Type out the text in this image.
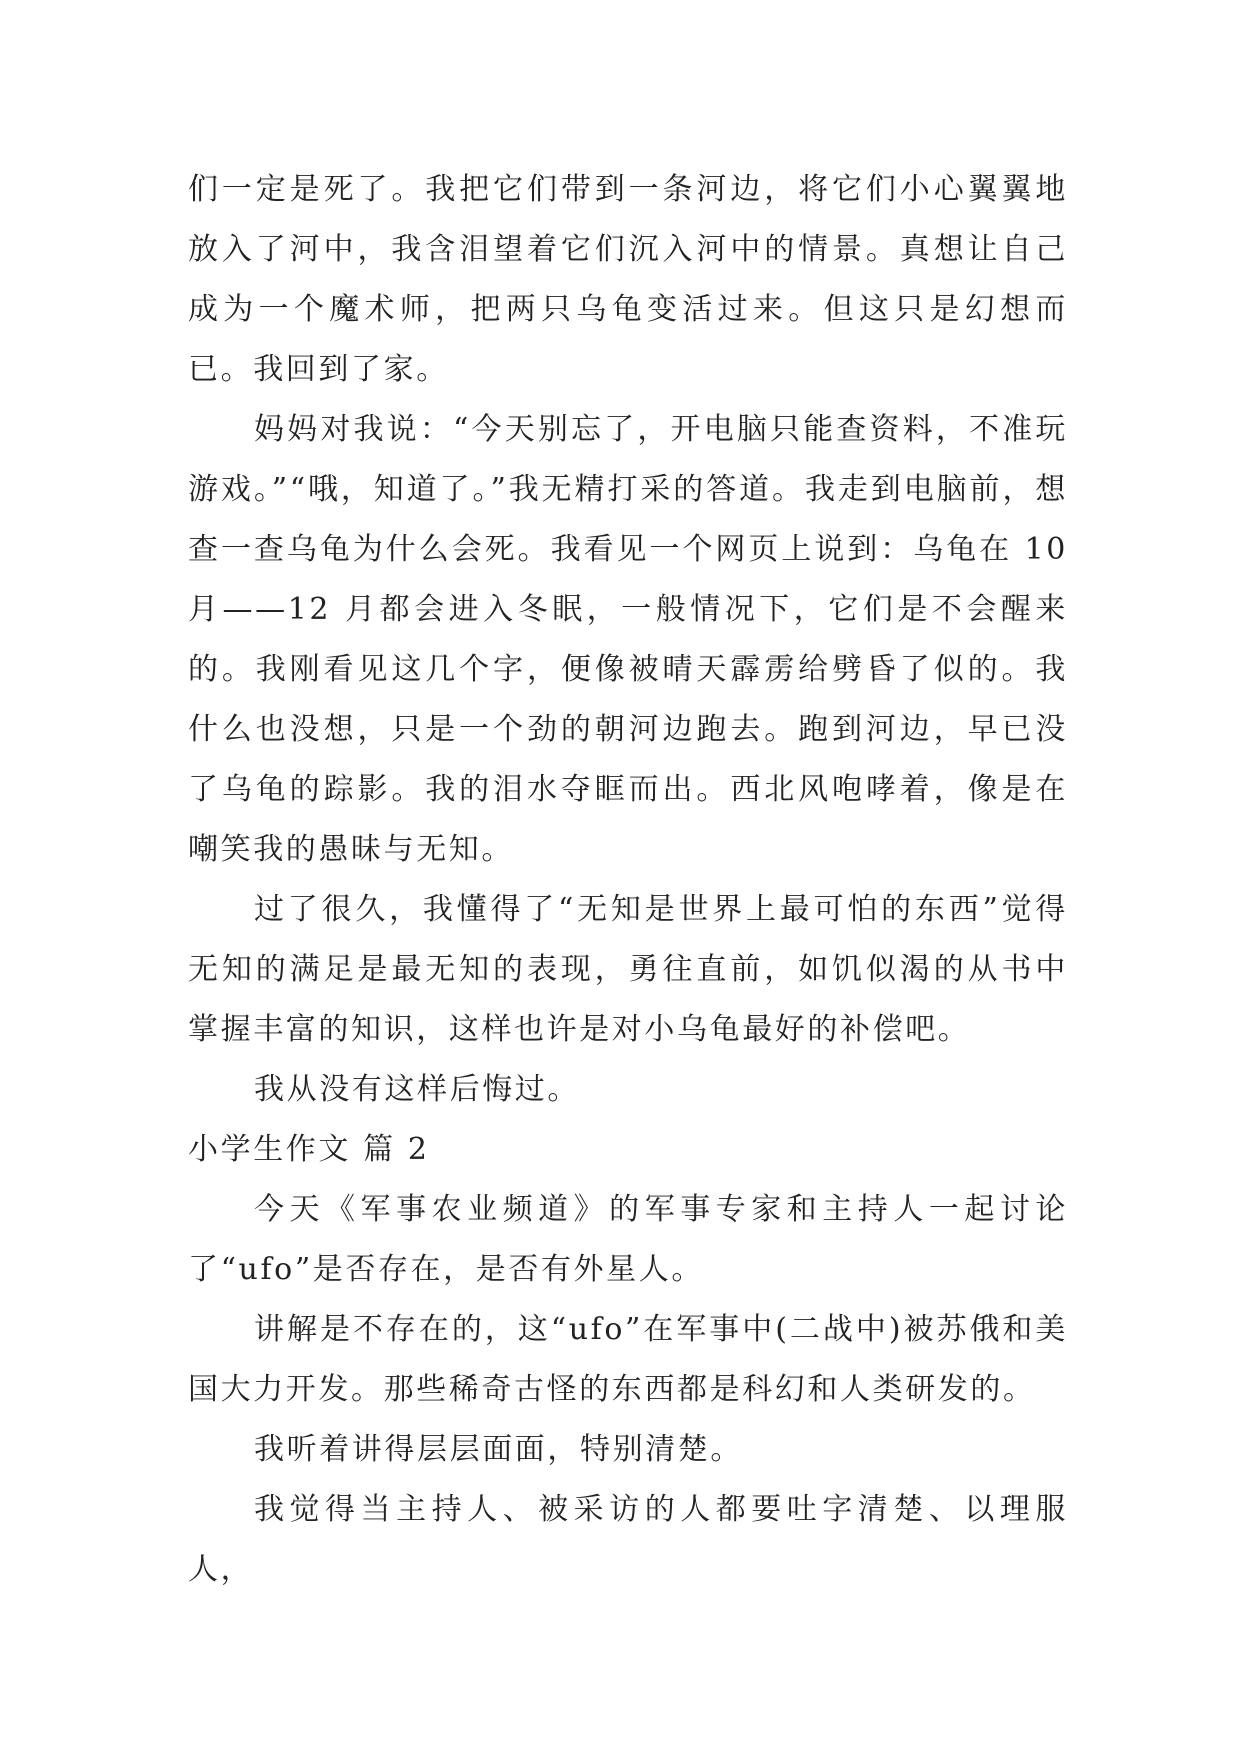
们一定是死了。我把它们带到一条河边，将它们小心翼翼地放入了河中，我含泪望着它们沉入河中的情景。真想让自己成为一个魔术师，把两只乌龟变活过来。但这只是幻想而已。我回到了家。

妈妈对我说：“今天别忘了，开电脑只能查资料，不准玩游戏。”“哦，知道了。”我无精打采的答道。我走到电脑前，想查一查乌龟为什么会死。我看见一个网页上说到：乌龟在 10 月——12 月都会进入冬眠，一般情况下，它们是不会醒来的。我刚看见这几个字，便像被晴天霹雳给劈昏了似的。我什么也没想，只是一个劲的朝河边跑去。跑到河边，早已没了乌龟的踪影。我的泪水夺眶而出。西北风咆哮着，像是在嘲笑我的愚昧与无知。

过了很久，我懂得了“无知是世界上最可怕的东西”觉得无知的满足是最无知的表现，勇往直前，如饥似渴的从书中掌握丰富的知识，这样也许是对小乌龟最好的补偿吧。

我从没有这样后悔过。

小学生作文 篇 2

今天《军事农业频道》的军事专家和主持人一起讨论了“ufo”是否存在，是否有外星人。

讲解是不存在的，这“ufo”在军事中(二战中)被苏俄和美国大力开发。那些稀奇古怪的东西都是科幻和人类研发的。

我听着讲得层层面面，特别清楚。

我觉得当主持人、被采访的人都要吐字清楚、以理服人，
